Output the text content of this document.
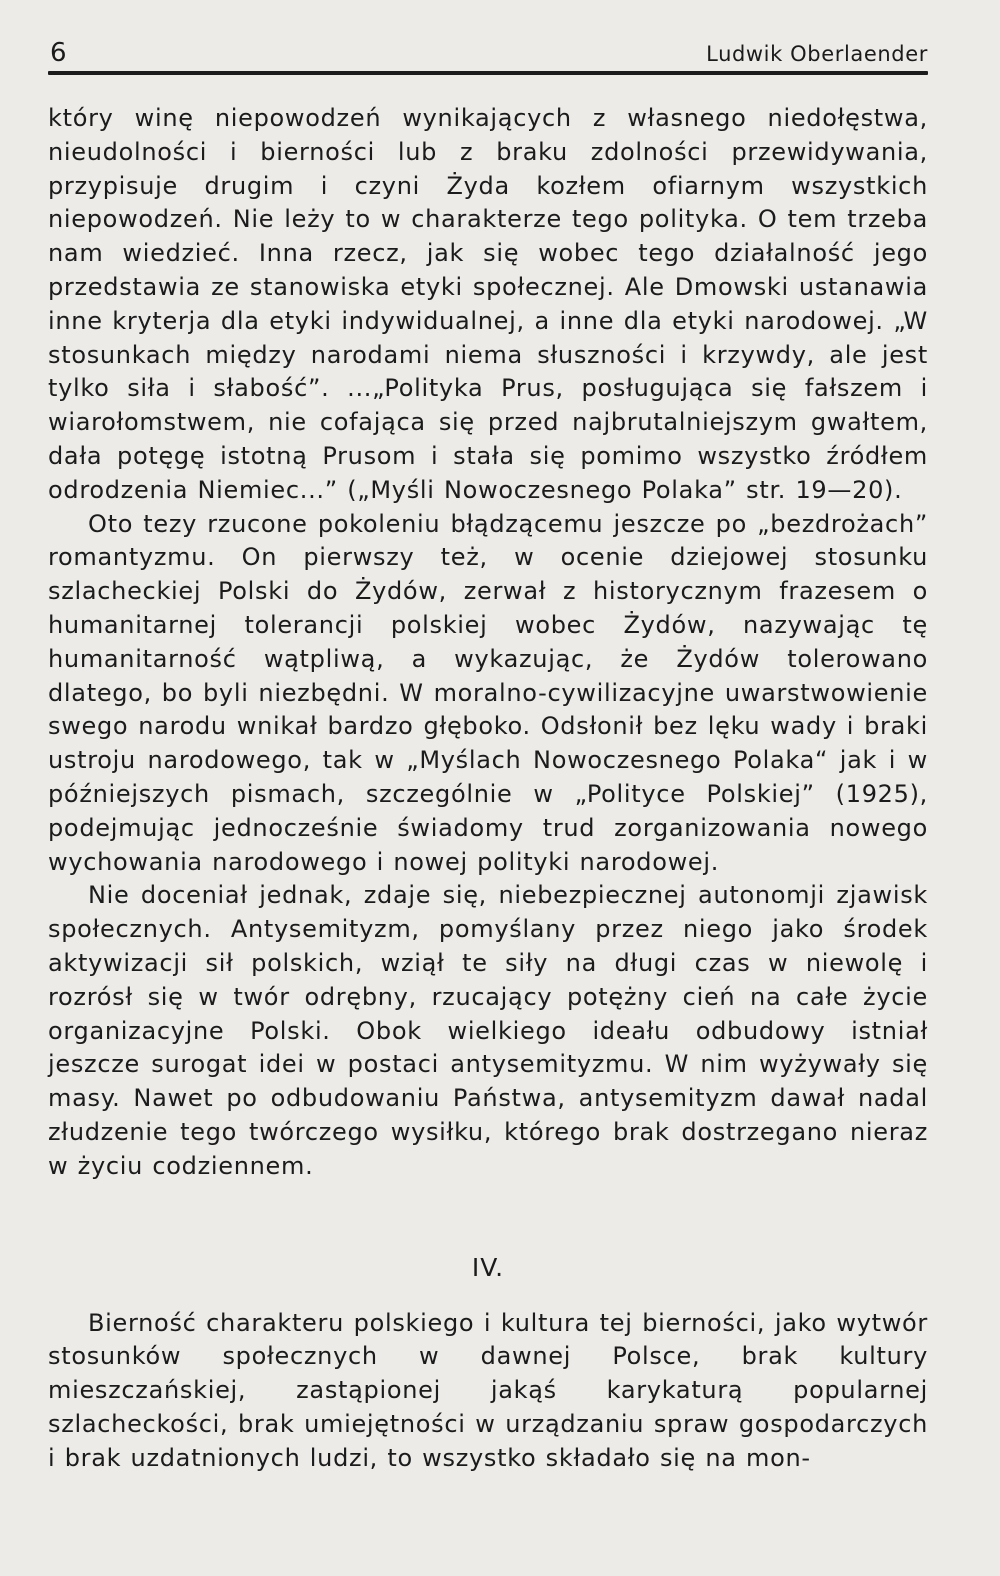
6	Ludwik Oberlaender

który winę niepowodzeń wynikających z własnego niedołęstwa, nieudolności i bierności lub z braku zdolności przewidywania, przypisuje drugim i czyni Żyda kozłem ofiarnym wszystkich niepowodzeń. Nie leży to w charakterze tego polityka. O tem trzeba nam wiedzieć. Inna rzecz, jak się wobec tego działalność jego przedstawia ze stanowiska etyki społecznej. Ale Dmowski ustanawia inne kryterja dla etyki indywidualnej, a inne dla etyki narodowej. „W stosunkach między narodami niema słuszności i krzywdy, ale jest tylko siła i słabość”. ...„Polityka Prus, posługująca się fałszem i wiarołomstwem, nie cofająca się przed najbrutalniejszym gwałtem, dała potęgę istotną Prusom i stała się pomimo wszystko źródłem odrodzenia Niemiec...” („Myśli Nowoczesnego Polaka” str. 19—20).

Oto tezy rzucone pokoleniu błądzącemu jeszcze po „bezdrożach” romantyzmu. On pierwszy też, w ocenie dziejowej stosunku szlacheckiej Polski do Żydów, zerwał z historycznym frazesem o humanitarnej tolerancji polskiej wobec Żydów, nazywając tę humanitarność wątpliwą, a wykazując, że Żydów tolerowano dlatego, bo byli niezbędni. W moralno-cywilizacyjne uwarstwowienie swego narodu wnikał bardzo głęboko. Odsłonił bez lęku wady i braki ustroju narodowego, tak w „Myślach Nowoczesnego Polaka“ jak i w późniejszych pismach, szczególnie w „Polityce Polskiej” (1925), podejmując jednocześnie świadomy trud zorganizowania nowego wychowania narodowego i nowej polityki narodowej.

Nie doceniał jednak, zdaje się, niebezpiecznej autonomji zjawisk społecznych. Antysemityzm, pomyślany przez niego jako środek aktywizacji sił polskich, wziął te siły na długi czas w niewolę i rozrósł się w twór odrębny, rzucający potężny cień na całe życie organizacyjne Polski. Obok wielkiego ideału odbudowy istniał jeszcze surogat idei w postaci antysemityzmu. W nim wyżywały się masy. Nawet po odbudowaniu Państwa, antysemityzm dawał nadal złudzenie tego twórczego wysiłku, którego brak dostrzegano nieraz w życiu codziennem.

IV.

Bierność charakteru polskiego i kultura tej bierności, jako wytwór stosunków społecznych w dawnej Polsce, brak kultury mieszczańskiej, zastąpionej jakąś karykaturą popularnej szlacheckości, brak umiejętności w urządzaniu spraw gospodarczych i brak uzdatnionych ludzi, to wszystko składało się na mon-
